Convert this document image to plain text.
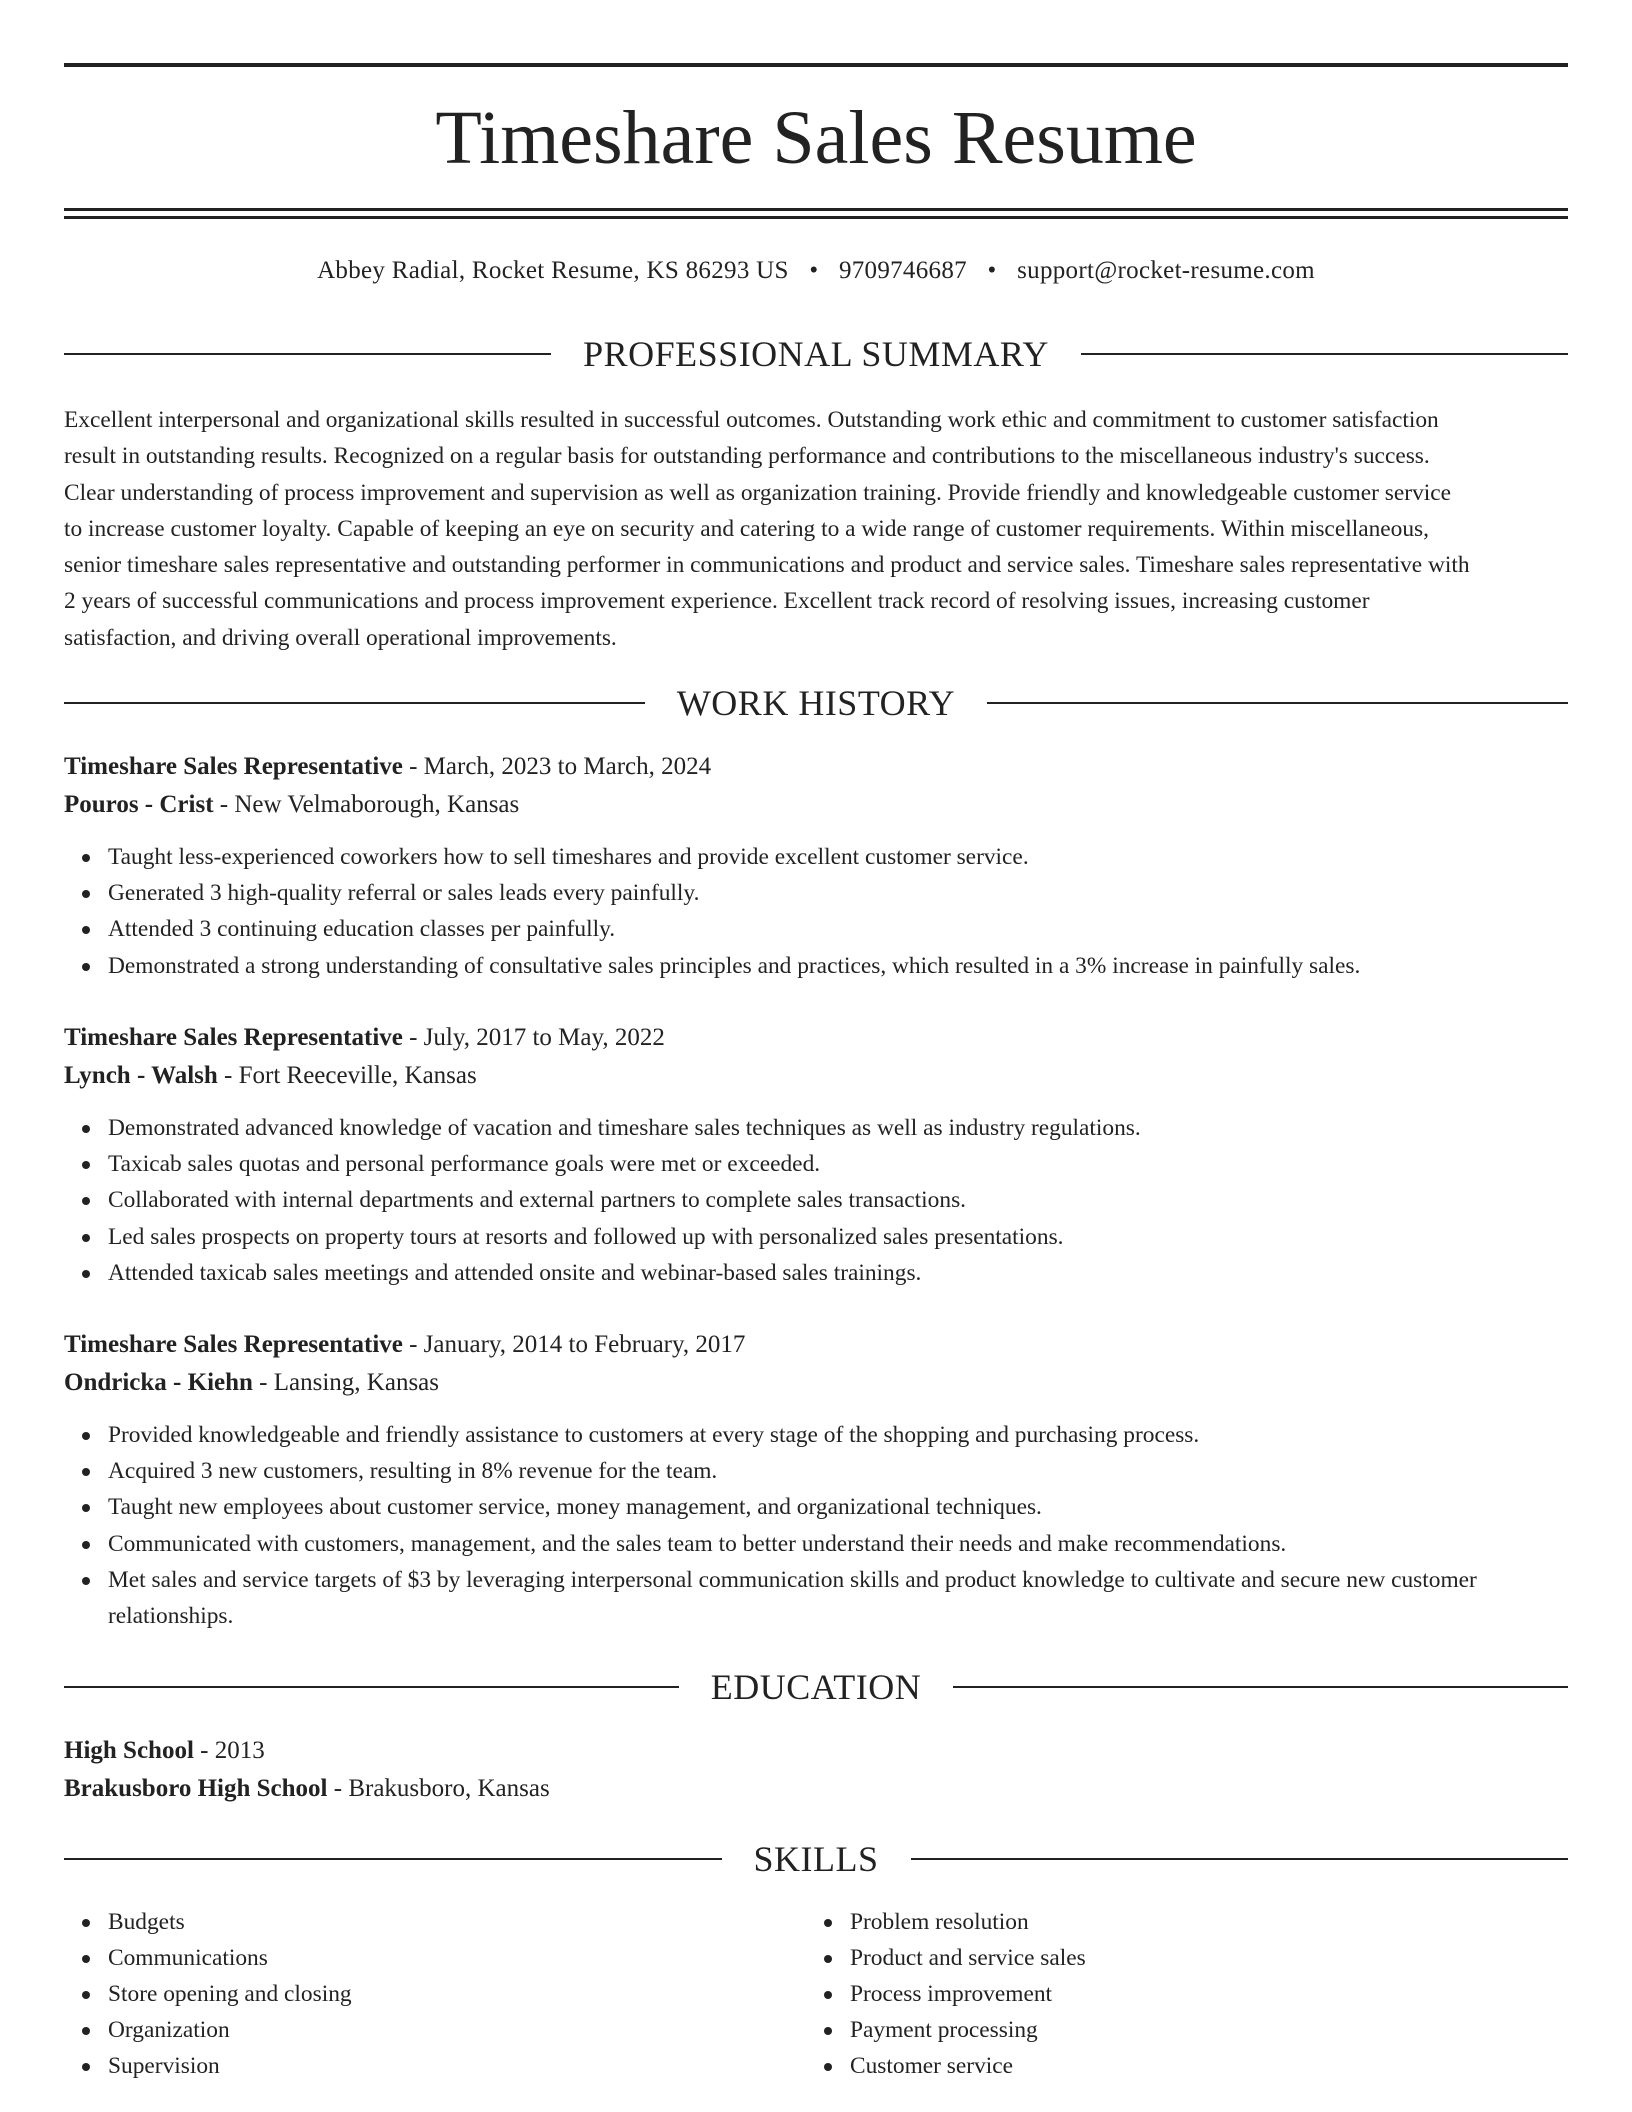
Timeshare Sales Resume
Abbey Radial, Rocket Resume, KS 86293 US • 9709746687 • support@rocket-resume.com
PROFESSIONAL SUMMARY
Excellent interpersonal and organizational skills resulted in successful outcomes. Outstanding work ethic and commitment to customer satisfaction
result in outstanding results. Recognized on a regular basis for outstanding performance and contributions to the miscellaneous industry's success.
Clear understanding of process improvement and supervision as well as organization training. Provide friendly and knowledgeable customer service
to increase customer loyalty. Capable of keeping an eye on security and catering to a wide range of customer requirements. Within miscellaneous,
senior timeshare sales representative and outstanding performer in communications and product and service sales. Timeshare sales representative with
2 years of successful communications and process improvement experience. Excellent track record of resolving issues, increasing customer
satisfaction, and driving overall operational improvements.
WORK HISTORY
Timeshare Sales Representative - March, 2023 to March, 2024
Pouros - Crist - New Velmaborough, Kansas
Taught less-experienced coworkers how to sell timeshares and provide excellent customer service.
Generated 3 high-quality referral or sales leads every painfully.
Attended 3 continuing education classes per painfully.
Demonstrated a strong understanding of consultative sales principles and practices, which resulted in a 3% increase in painfully sales.
Timeshare Sales Representative - July, 2017 to May, 2022
Lynch - Walsh - Fort Reeceville, Kansas
Demonstrated advanced knowledge of vacation and timeshare sales techniques as well as industry regulations.
Taxicab sales quotas and personal performance goals were met or exceeded.
Collaborated with internal departments and external partners to complete sales transactions.
Led sales prospects on property tours at resorts and followed up with personalized sales presentations.
Attended taxicab sales meetings and attended onsite and webinar-based sales trainings.
Timeshare Sales Representative - January, 2014 to February, 2017
Ondricka - Kiehn - Lansing, Kansas
Provided knowledgeable and friendly assistance to customers at every stage of the shopping and purchasing process.
Acquired 3 new customers, resulting in 8% revenue for the team.
Taught new employees about customer service, money management, and organizational techniques.
Communicated with customers, management, and the sales team to better understand their needs and make recommendations.
Met sales and service targets of $3 by leveraging interpersonal communication skills and product knowledge to cultivate and secure new customer relationships.
EDUCATION
High School - 2013
Brakusboro High School - Brakusboro, Kansas
SKILLS
Budgets
Communications
Store opening and closing
Organization
Supervision
Problem resolution
Product and service sales
Process improvement
Payment processing
Customer service
